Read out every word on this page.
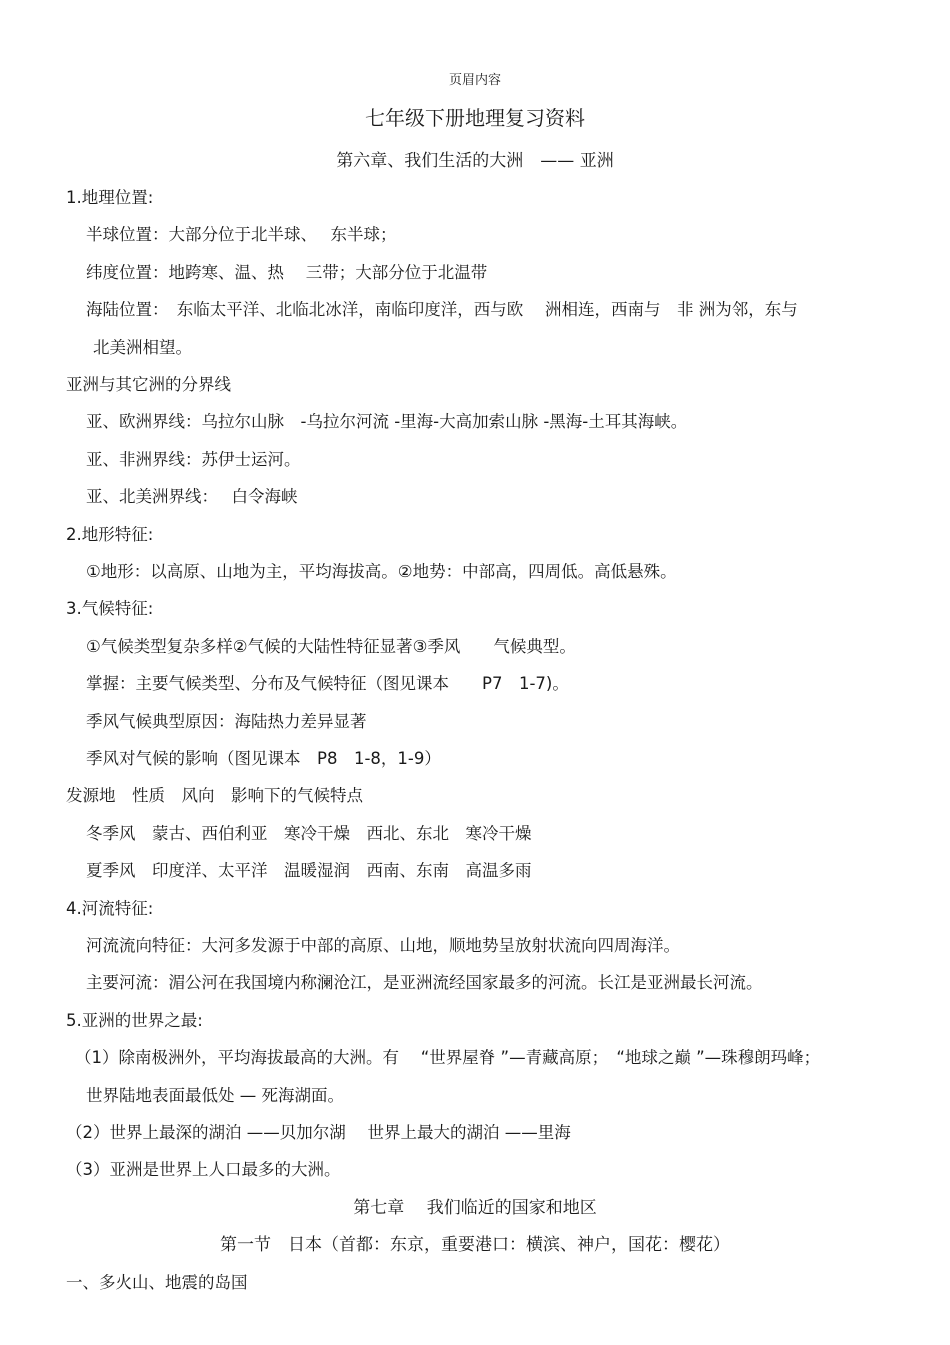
页眉内容
七年级下册地理复习资料
第六章、我们生活的大洲　—— 亚洲
1.地理位置:
半球位置：大部分位于北半球、　 东半球；
纬度位置：地跨寒、温、热　 三带；大部分位于北温带
海陆位置：　东临太平洋、北临北冰洋，南临印度洋，西与欧　 洲相连，西南与　非 洲为邻，东与
北美洲相望。
亚洲与其它洲的分界线
亚、欧洲界线：乌拉尔山脉　-乌拉尔河流 -里海-大高加索山脉 -黑海-土耳其海峡。
亚、非洲界线：苏伊士运河。
亚、北美洲界线：　 白令海峡
2.地形特征:
①地形：以高原、山地为主，平均海拔高。②地势：中部高，四周低。高低悬殊。
3.气候特征:
①气候类型复杂多样②气候的大陆性特征显著③季风　　气候典型。
掌握：主要气候类型、分布及气候特征（图见课本　　P7　1-7)。
季风气候典型原因：海陆热力差异显著
季风对气候的影响（图见课本　P8　1-8，1-9）
发源地　性质　风向　影响下的气候特点
冬季风　蒙古、西伯利亚　寒冷干燥　西北、东北　寒冷干燥
夏季风　印度洋、太平洋　温暖湿润　西南、东南　高温多雨
4.河流特征:
河流流向特征：大河多发源于中部的高原、山地，顺地势呈放射状流向四周海洋。
主要河流：湄公河在我国境内称澜沧江，是亚洲流经国家最多的河流。长江是亚洲最长河流。
5.亚洲的世界之最:
（1）除南极洲外，平均海拔最高的大洲。有　 “世界屋脊 ”—青藏高原；　“地球之巅 ”—珠穆朗玛峰；
世界陆地表面最低处 — 死海湖面。
（2）世界上最深的湖泊 ——贝加尔湖　 世界上最大的湖泊 ——里海
（3）亚洲是世界上人口最多的大洲。
第七章　 我们临近的国家和地区
第一节　日本（首都：东京，重要港口：横滨、神户，国花：樱花）
一、多火山、地震的岛国
